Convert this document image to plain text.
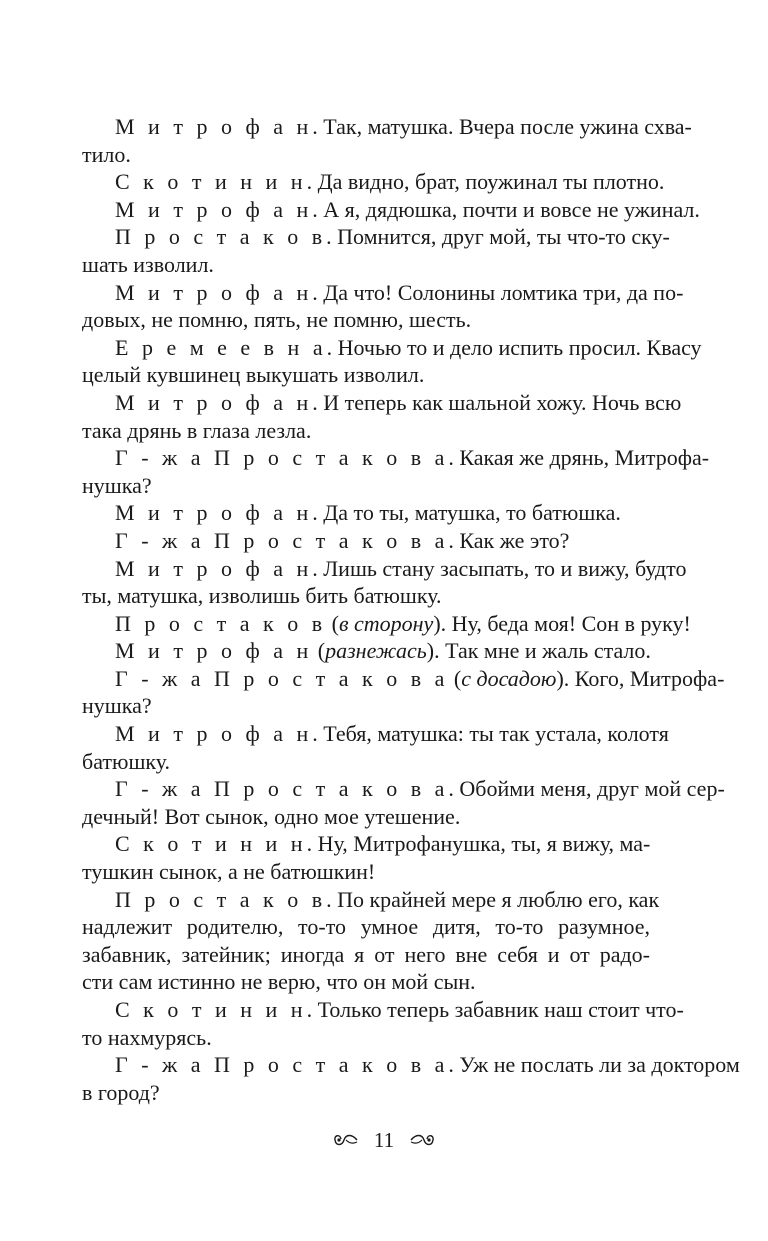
М и т р о ф а н. Так, матушка. Вчера после ужина схва-
тило.
С к о т и н и н. Да видно, брат, поужинал ты плотно.
М и т р о ф а н. А я, дядюшка, почти и вовсе не ужинал.
П р о с т а к о в. Помнится, друг мой, ты что-то ску-
шать изволил.
М и т р о ф а н. Да что! Солонины ломтика три, да по-
довых, не помню, пять, не помню, шесть.
Е р е м е е в н а. Ночью то и дело испить просил. Квасу
целый кувшинец выкушать изволил.
М и т р о ф а н. И теперь как шальной хожу. Ночь всю
така дрянь в глаза лезла.
Г - ж а П р о с т а к о в а. Какая же дрянь, Митрофа-
нушка?
М и т р о ф а н. Да то ты, матушка, то батюшка.
Г - ж а П р о с т а к о в а. Как же это?
М и т р о ф а н. Лишь стану засыпать, то и вижу, будто
ты, матушка, изволишь бить батюшку.
П р о с т а к о в (в сторону). Ну, беда моя! Сон в руку!
М и т р о ф а н (разнежась). Так мне и жаль стало.
Г - ж а П р о с т а к о в а (с досадою). Кого, Митрофа-
нушка?
М и т р о ф а н. Тебя, матушка: ты так устала, колотя
батюшку.
Г - ж а П р о с т а к о в а. Обойми меня, друг мой сер-
дечный! Вот сынок, одно мое утешение.
С к о т и н и н. Ну, Митрофанушка, ты, я вижу, ма-
тушкин сынок, а не батюшкин!
П р о с т а к о в. По крайней мере я люблю его, как
надлежит родителю, то-то умное дитя, то-то разумное,
забавник, затейник; иногда я от него вне себя и от радо-
сти сам истинно не верю, что он мой сын.
С к о т и н и н. Только теперь забавник наш стоит что-
то нахмурясь.
Г - ж а П р о с т а к о в а. Уж не послать ли за доктором
в город?
11
